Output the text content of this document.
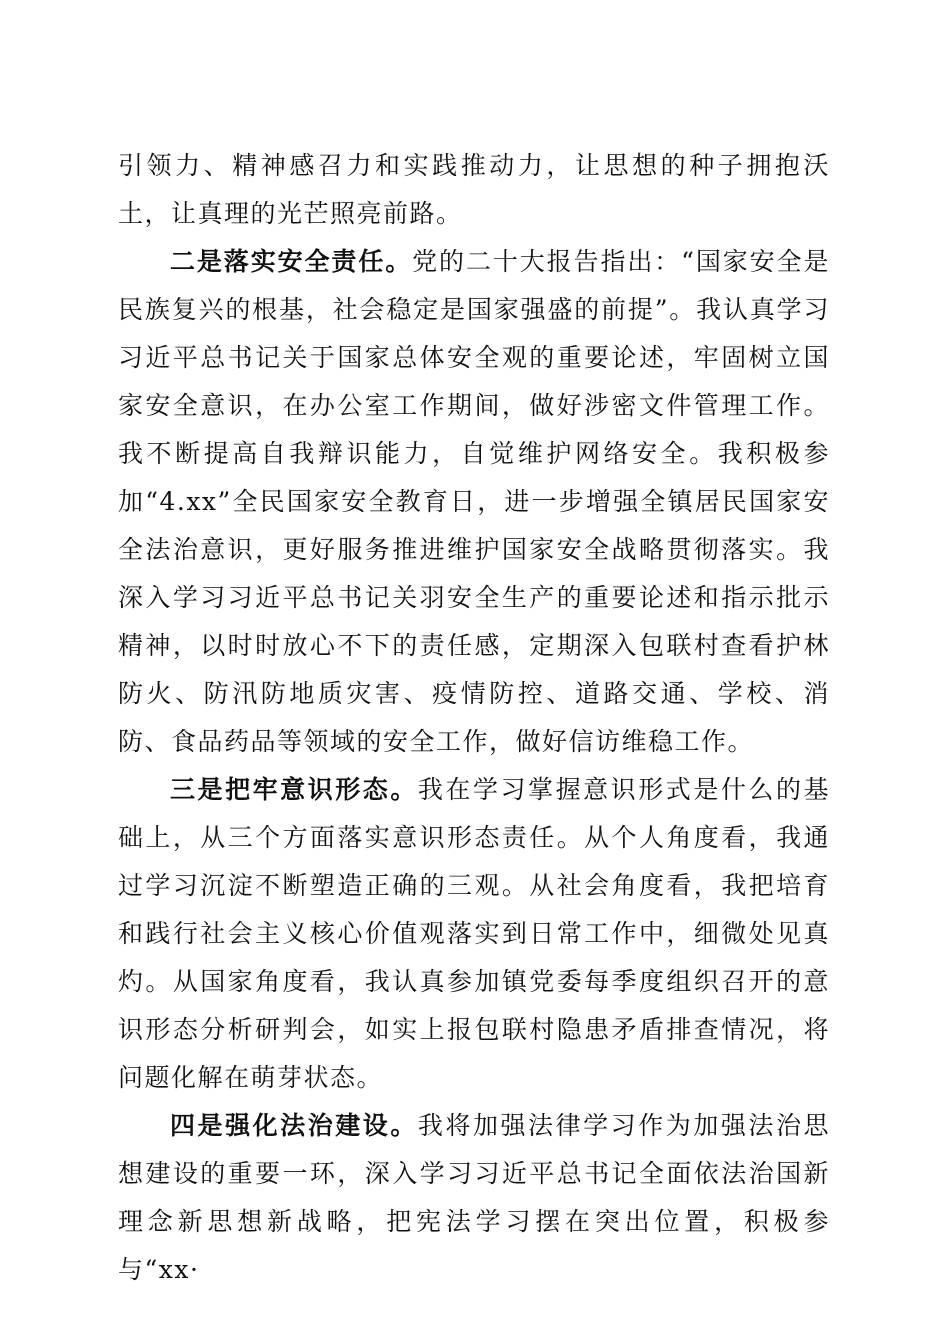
引领力、精神感召力和实践推动力，让思想的种子拥抱沃土，让真理的光芒照亮前路。

二是落实安全责任。党的二十大报告指出：“国家安全是民族复兴的根基，社会稳定是国家强盛的前提”。我认真学习习近平总书记关于国家总体安全观的重要论述，牢固树立国家安全意识，在办公室工作期间，做好涉密文件管理工作。我不断提高自我辩识能力，自觉维护网络安全。我积极参加“4.xx”全民国家安全教育日，进一步增强全镇居民国家安全法治意识，更好服务推进维护国家安全战略贯彻落实。我深入学习习近平总书记关羽安全生产的重要论述和指示批示精神，以时时放心不下的责任感，定期深入包联村查看护林防火、防汛防地质灾害、疫情防控、道路交通、学校、消防、食品药品等领域的安全工作，做好信访维稳工作。

三是把牢意识形态。我在学习掌握意识形式是什么的基础上，从三个方面落实意识形态责任。从个人角度看，我通过学习沉淀不断塑造正确的三观。从社会角度看，我把培育和践行社会主义核心价值观落实到日常工作中，细微处见真灼。从国家角度看，我认真参加镇党委每季度组织召开的意识形态分析研判会，如实上报包联村隐患矛盾排查情况，将问题化解在萌芽状态。

四是强化法治建设。我将加强法律学习作为加强法治思想建设的重要一环，深入学习习近平总书记全面依法治国新理念新思想新战略，把宪法学习摆在突出位置，积极参与“xx·
